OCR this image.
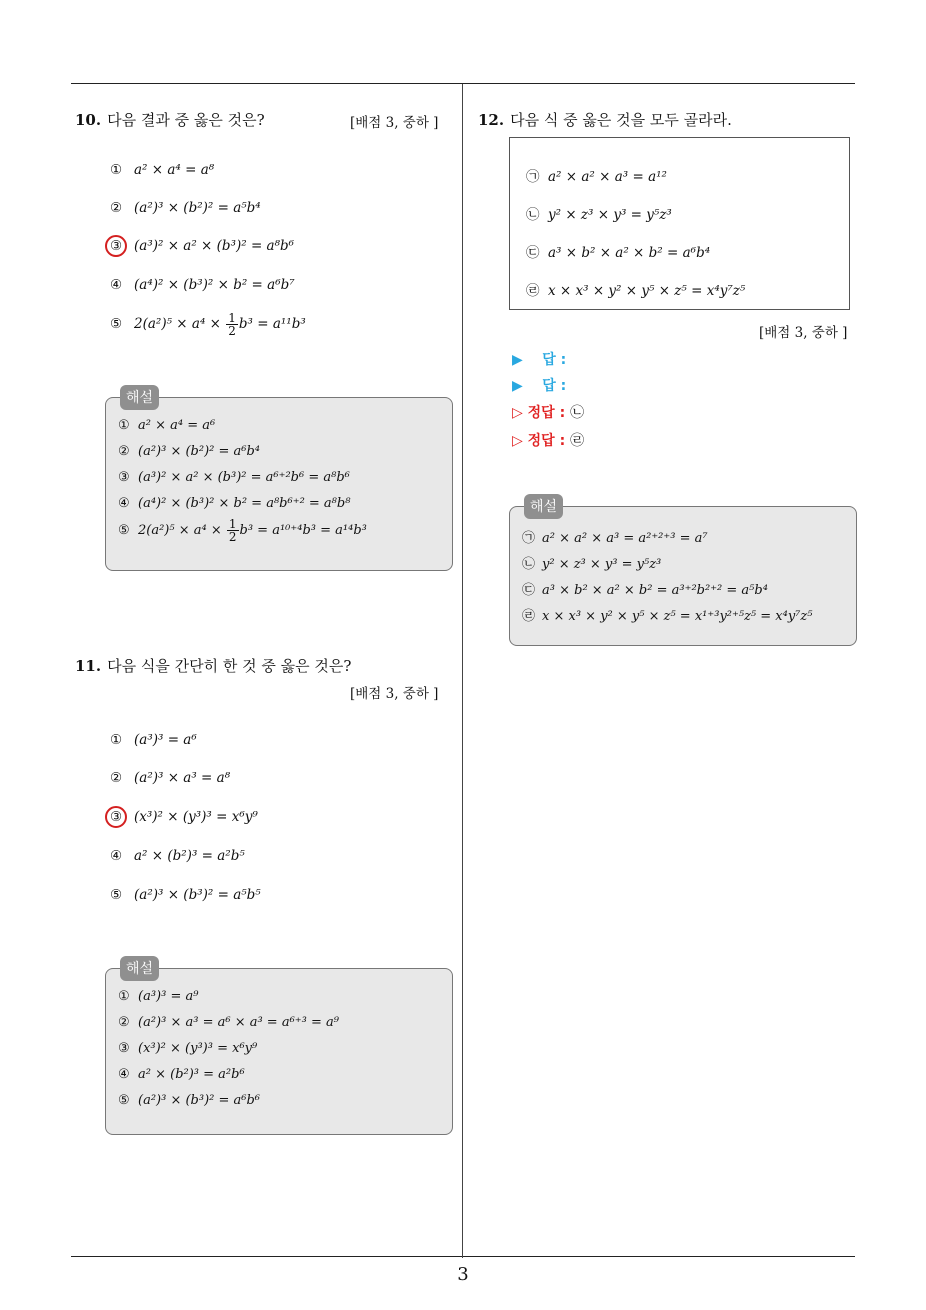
3
10. 다음 결과 중 옳은 것은?	[배점 3, 중하 ]
① a² × a⁴ = a⁸
② (a²)³ × (b²)² = a⁵b⁴
③ (a³)² × a² × (b³)² = a⁸b⁶
④ (a⁴)² × (b³)² × b² = a⁶b⁷
⑤ $2(a^2)^5 \times a^4 \times \frac{1}{2} b^3 = a^{11}b^3$
해설
① a² × a⁴ = a⁶
② (a²)³ × (b²)² = a⁶b⁴
③ (a³)² × a² × (b³)² = a⁶⁺²b⁶ = a⁸b⁶
④ (a⁴)² × (b³)² × b² = a⁸b⁶⁺² = a⁸b⁸
⑤ $2(a^2)^5 \times a^4 \times \frac{1}{2} b^3 = a^{10+4}b^3 = a^{14}b^3$
11. 다음 식을 간단히 한 것 중 옳은 것은?
[배점 3, 중하 ]
① (a³)³ = a⁶
② (a²)³ × a³ = a⁸
③ (x³)² × (y³)³ = x⁶y⁹
④ a² × (b²)³ = a²b⁵
⑤ (a²)³ × (b³)² = a⁵b⁵
해설
① (a³)³ = a⁹
② (a²)³ × a³ = a⁶ × a³ = a⁶⁺³ = a⁹
③ (x³)² × (y³)³ = x⁶y⁹
④ a² × (b²)³ = a²b⁶
⑤ (a²)³ × (b³)² = a⁶b⁶
12. 다음 식 중 옳은 것을 모두 골라라.
㉠ a² × a² × a³ = a¹²
㉡ y² × z³ × y³ = y⁵z³
㉢ a³ × b² × a² × b² = a⁶b⁴
㉣ x × x³ × y² × y⁵ × z⁵ = x⁴y⁷z⁵
[배점 3, 중하 ]
▶ 답 :
▶ 답 :
▷ 정답 : ㉡
▷ 정답 : ㉣
해설
㉠ a² × a² × a³ = a²⁺²⁺³ = a⁷
㉡ y² × z³ × y³ = y⁵z³
㉢ a³ × b² × a² × b² = a³⁺²b²⁺² = a⁵b⁴
㉣ x × x³ × y² × y⁵ × z⁵ = x¹⁺³y²⁺⁵z⁵ = x⁴y⁷z⁵
